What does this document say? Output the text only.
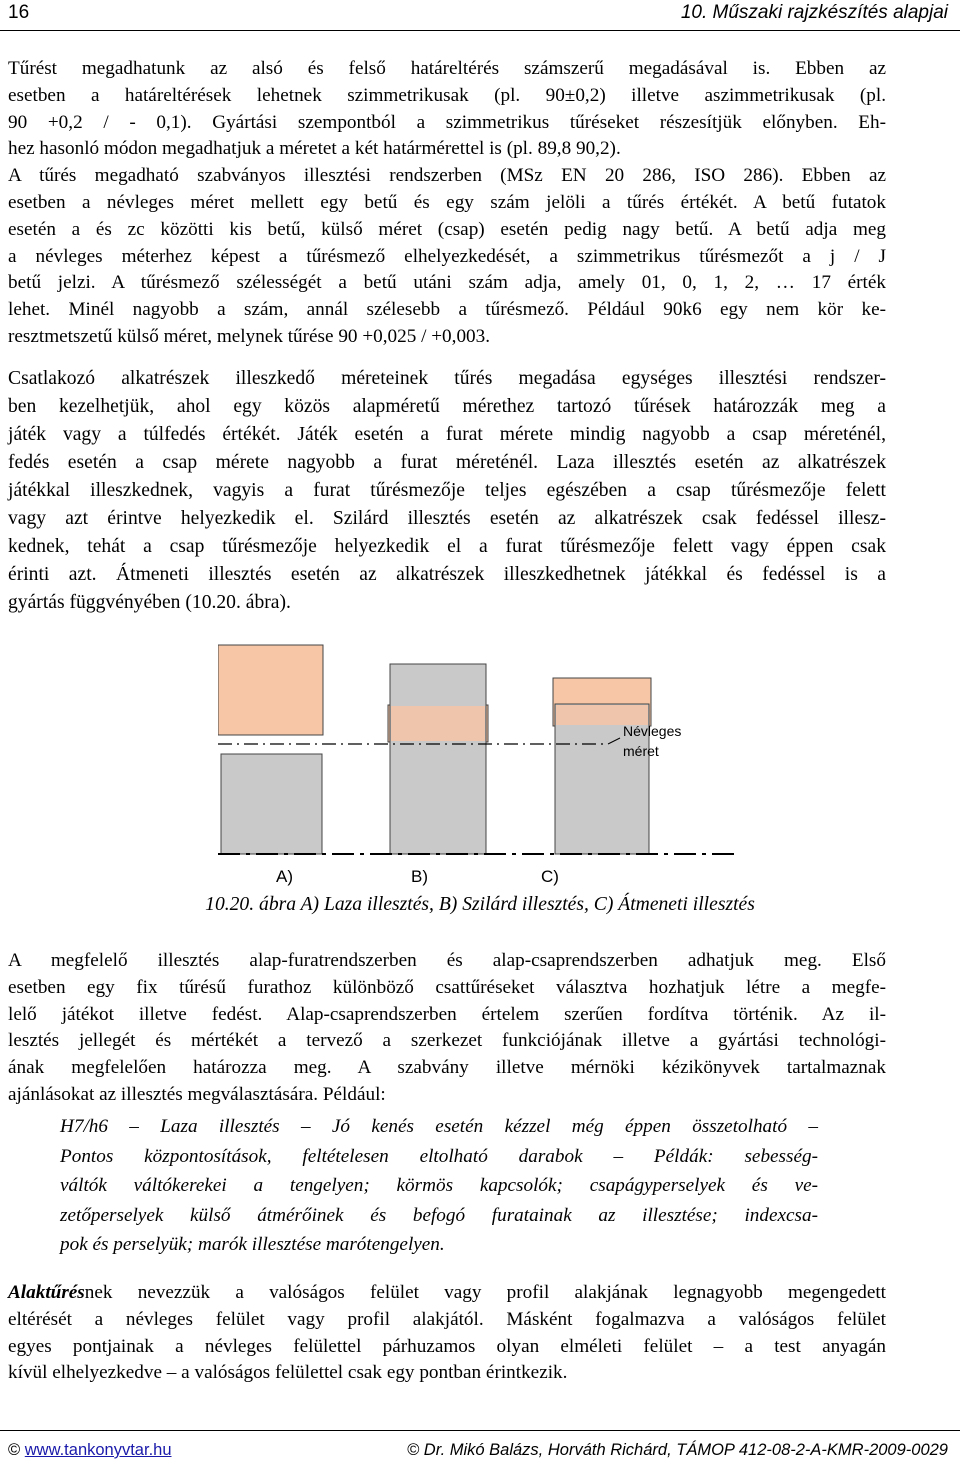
16	10. Műszaki rajzkészítés alapjai
Tűrést megadhatunk az alsó és felső határeltérés számszerű megadásával is. Ebben az
esetben a határeltérések lehetnek szimmetrikusak (pl. 90±0,2) illetve aszimmetrikusak (pl.
90 +0,2 / - 0,1). Gyártási szempontból a szimmetrikus tűréseket részesítjük előnyben. Eh-
hez hasonló módon megadhatjuk a méretet a két határmérettel is (pl. 89,8 90,2).
A tűrés megadható szabványos illesztési rendszerben (MSz EN 20 286, ISO 286). Ebben az
esetben a névleges méret mellett egy betű és egy szám jelöli a tűrés értékét. A betű futatok
esetén a és zc közötti kis betű, külső méret (csap) esetén pedig nagy betű. A betű adja meg
a névleges méterhez képest a tűrésmező elhelyezkedését, a szimmetrikus tűrésmezőt a j / J
betű jelzi. A tűrésmező szélességét a betű utáni szám adja, amely 01, 0, 1, 2, … 17 érték
lehet. Minél nagyobb a szám, annál szélesebb a tűrésmező. Például 90k6 egy nem kör ke-
resztmetszetű külső méret, melynek tűrése 90 +0,025 / +0,003.
Csatlakozó alkatrészek illeszkedő méreteinek tűrés megadása egységes illesztési rendszer-
ben kezelhetjük, ahol egy közös alapméretű mérethez tartozó tűrések határozzák meg a
játék vagy a túlfedés értékét. Játék esetén a furat mérete mindig nagyobb a csap méreténél,
fedés esetén a csap mérete nagyobb a furat méreténél. Laza illesztés esetén az alkatrészek
játékkal illeszkednek, vagyis a furat tűrésmezője teljes egészében a csap tűrésmezője felett
vagy azt érintve helyezkedik el. Szilárd illesztés esetén az alkatrészek csak fedéssel illesz-
kednek, tehát a csap tűrésmezője helyezkedik el a furat tűrésmezője felett vagy éppen csak
érinti azt. Átmeneti illesztés esetén az alkatrészek illeszkedhetnek játékkal és fedéssel is a
gyártás függvényében (10.20. ábra).
Névleges
méret
A)	B)	C)
10.20. ábra A) Laza illesztés, B) Szilárd illesztés, C) Átmeneti illesztés
A megfelelő illesztés alap-furatrendszerben és alap-csaprendszerben adhatjuk meg. Első
esetben egy fix tűrésű furathoz különböző csattűréseket választva hozhatjuk létre a megfe-
lelő játékot illetve fedést. Alap-csaprendszerben értelem szerűen fordítva történik. Az il-
lesztés jellegét és mértékét a tervező a szerkezet funkciójának illetve a gyártási technológi-
ának megfelelően határozza meg. A szabvány illetve mérnöki kézikönyvek tartalmaznak
ajánlásokat az illesztés megválasztására. Például:
H7/h6 – Laza illesztés – Jó kenés esetén kézzel még éppen összetolható –
Pontos központosítások, feltételesen eltolható darabok – Példák: sebesség-
váltók váltókerekei a tengelyen; körmös kapcsolók; csapágyperselyek és ve-
zetőperselyek külső átmérőinek és befogó furatainak az illesztése; indexcsa-
pok és perselyük; marók illesztése marótengelyen.
Alaktűrésnek nevezzük a valóságos felület vagy profil alakjának legnagyobb megengedett
eltérését a névleges felület vagy profil alakjától. Másként fogalmazva a valóságos felület
egyes pontjainak a névleges felülettel párhuzamos olyan elméleti felület – a test anyagán
kívül elhelyezkedve – a valóságos felülettel csak egy pontban érintkezik.
© www.tankonyvtar.hu	© Dr. Mikó Balázs, Horváth Richárd, TÁMOP 412-08-2-A-KMR-2009-0029
